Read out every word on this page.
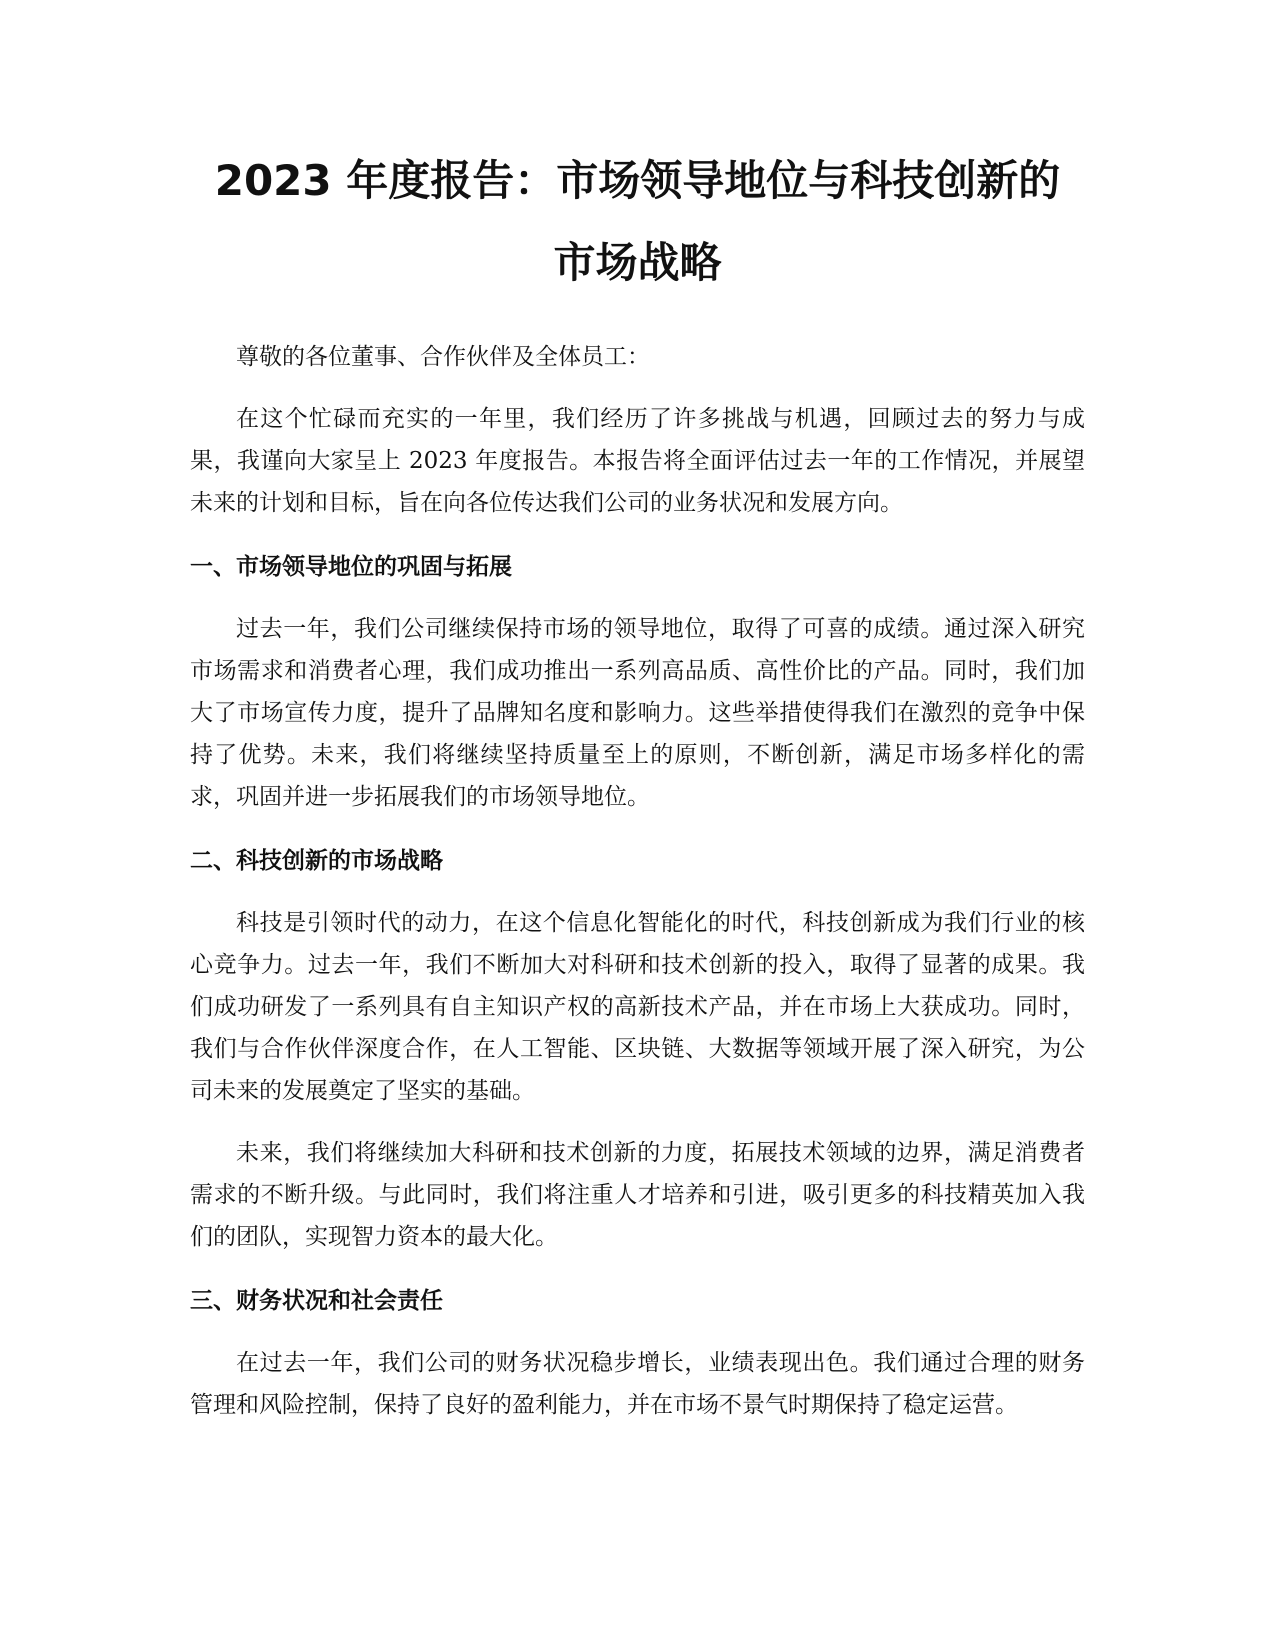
2023 年度报告：市场领导地位与科技创新的
市场战略

尊敬的各位董事、合作伙伴及全体员工：

在这个忙碌而充实的一年里，我们经历了许多挑战与机遇，回顾过去的努力与成果，我谨向大家呈上 2023 年度报告。本报告将全面评估过去一年的工作情况，并展望未来的计划和目标，旨在向各位传达我们公司的业务状况和发展方向。

一、市场领导地位的巩固与拓展

过去一年，我们公司继续保持市场的领导地位，取得了可喜的成绩。通过深入研究市场需求和消费者心理，我们成功推出一系列高品质、高性价比的产品。同时，我们加大了市场宣传力度，提升了品牌知名度和影响力。这些举措使得我们在激烈的竞争中保持了优势。未来，我们将继续坚持质量至上的原则，不断创新，满足市场多样化的需求，巩固并进一步拓展我们的市场领导地位。

二、科技创新的市场战略

科技是引领时代的动力，在这个信息化智能化的时代，科技创新成为我们行业的核心竞争力。过去一年，我们不断加大对科研和技术创新的投入，取得了显著的成果。我们成功研发了一系列具有自主知识产权的高新技术产品，并在市场上大获成功。同时，我们与合作伙伴深度合作，在人工智能、区块链、大数据等领域开展了深入研究，为公司未来的发展奠定了坚实的基础。

未来，我们将继续加大科研和技术创新的力度，拓展技术领域的边界，满足消费者需求的不断升级。与此同时，我们将注重人才培养和引进，吸引更多的科技精英加入我们的团队，实现智力资本的最大化。

三、财务状况和社会责任

在过去一年，我们公司的财务状况稳步增长，业绩表现出色。我们通过合理的财务管理和风险控制，保持了良好的盈利能力，并在市场不景气时期保持了稳定运营。
